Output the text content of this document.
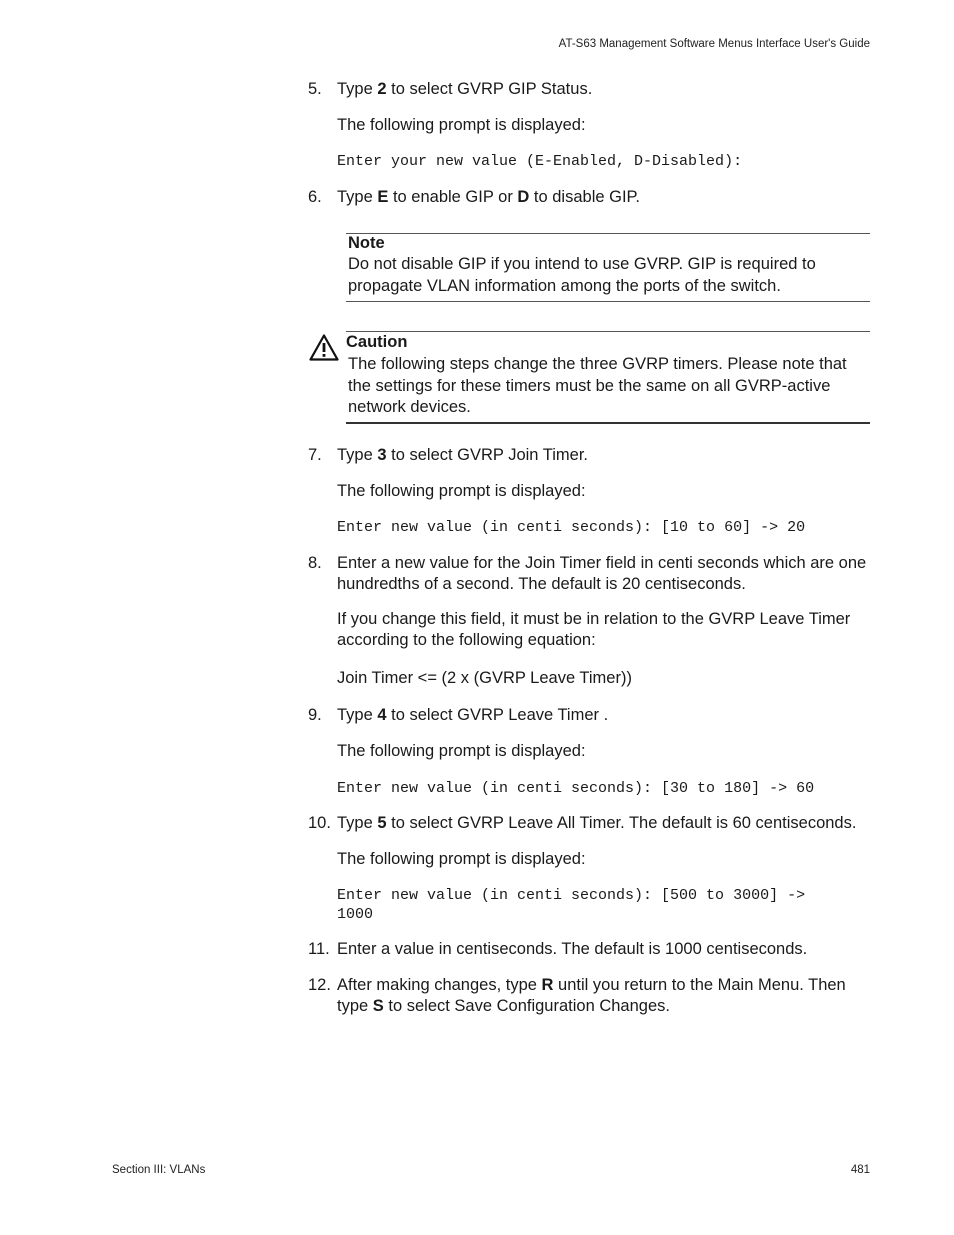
AT-S63 Management Software Menus Interface User's Guide
5. Type 2 to select GVRP GIP Status.
The following prompt is displayed:
Enter your new value (E-Enabled, D-Disabled):
6. Type E to enable GIP or D to disable GIP.
Note
Do not disable GIP if you intend to use GVRP. GIP is required to propagate VLAN information among the ports of the switch.
Caution
The following steps change the three GVRP timers. Please note that the settings for these timers must be the same on all GVRP-active network devices.
7. Type 3 to select GVRP Join Timer.
The following prompt is displayed:
Enter new value (in centi seconds): [10 to 60] -> 20
8. Enter a new value for the Join Timer field in centi seconds which are one hundredths of a second. The default is 20 centiseconds.
If you change this field, it must be in relation to the GVRP Leave Timer according to the following equation:
Join Timer <= (2 x (GVRP Leave Timer))
9. Type 4 to select GVRP Leave Timer .
The following prompt is displayed:
Enter new value (in centi seconds): [30 to 180] -> 60
10. Type 5 to select GVRP Leave All Timer. The default is 60 centiseconds.
The following prompt is displayed:
Enter new value (in centi seconds): [500 to 3000] ->
1000
11. Enter a value in centiseconds. The default is 1000 centiseconds.
12. After making changes, type R until you return to the Main Menu. Then type S to select Save Configuration Changes.
Section III: VLANs	481
